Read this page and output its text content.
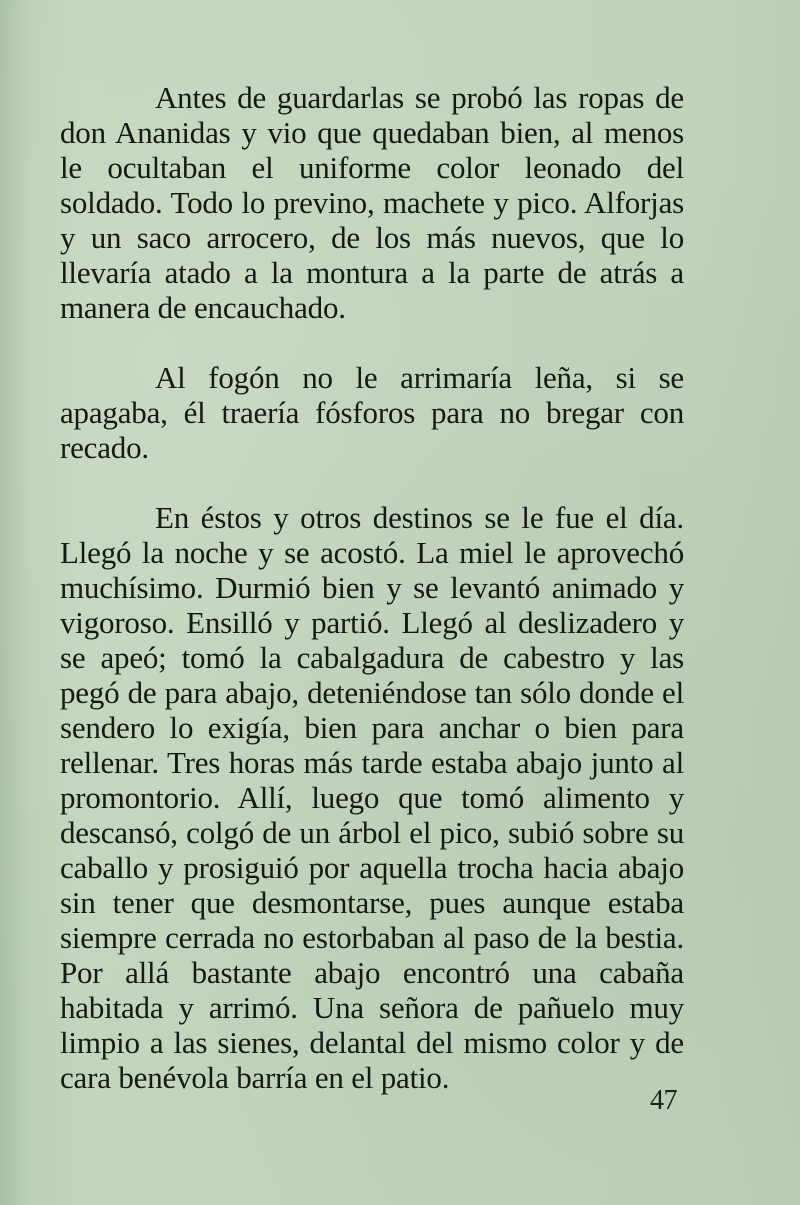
Antes de guardarlas se probó las ropas de don Ananidas y vio que quedaban bien, al menos le ocultaban el uniforme color leonado del soldado. Todo lo previno, machete y pico. Alforjas y un saco arrocero, de los más nuevos, que lo llevaría atado a la montura a la parte de atrás a manera de encauchado.

Al fogón no le arrimaría leña, si se apagaba, él traería fósforos para no bregar con recado.

En éstos y otros destinos se le fue el día. Llegó la noche y se acostó. La miel le aprovechó muchísimo. Durmió bien y se levantó animado y vigoroso. Ensilló y partió. Llegó al deslizadero y se apeó; tomó la cabalgadura de cabestro y las pegó de para abajo, deteniéndose tan sólo donde el sendero lo exigía, bien para anchar o bien para rellenar. Tres horas más tarde estaba abajo junto al promontorio. Allí, luego que tomó alimento y descansó, colgó de un árbol el pico, subió sobre su caballo y prosiguió por aquella trocha hacia abajo sin tener que desmontarse, pues aunque estaba siempre cerrada no estorbaban al paso de la bestia. Por allá bastante abajo encontró una cabaña habitada y arrimó. Una señora de pañuelo muy limpio a las sienes, delantal del mismo color y de cara benévola barría en el patio.

47
